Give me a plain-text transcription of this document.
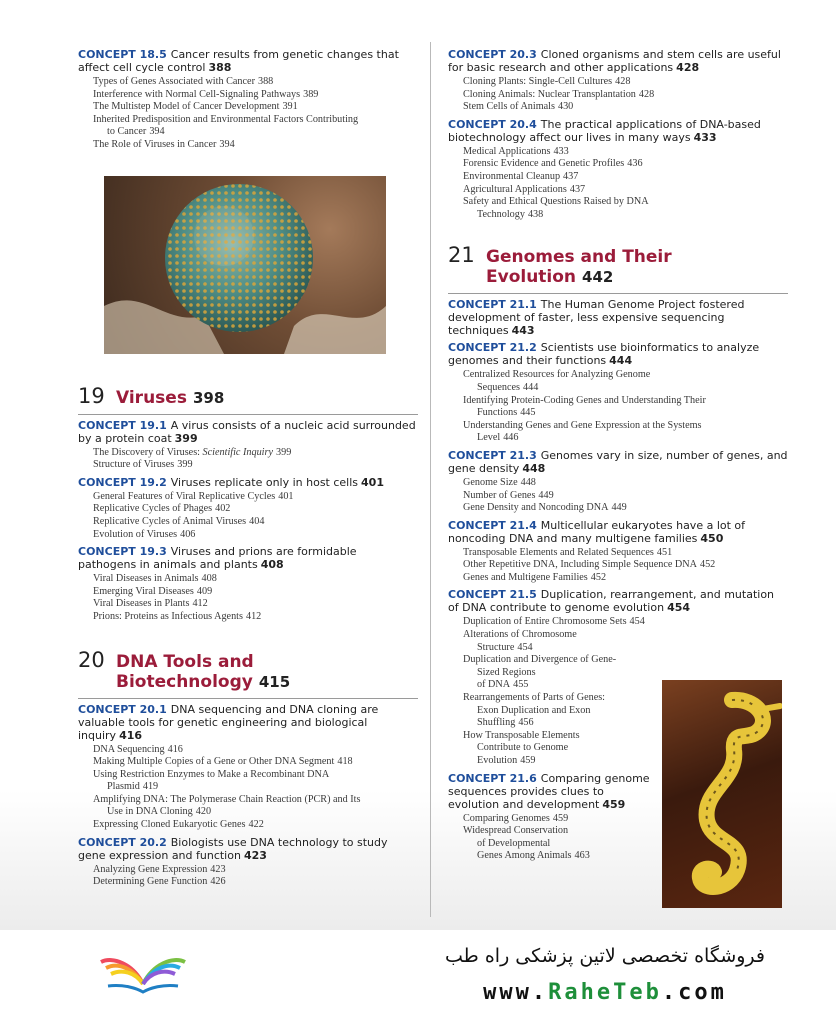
CONCEPT 18.5 Cancer results from genetic changes that affect cell cycle control 388
Types of Genes Associated with Cancer 388
Interference with Normal Cell-Signaling Pathways 389
The Multistep Model of Cancer Development 391
Inherited Predisposition and Environmental Factors Contributing
to Cancer 394
The Role of Viruses in Cancer 394
19 Viruses 398
CONCEPT 19.1 A virus consists of a nucleic acid surrounded by a protein coat 399
The Discovery of Viruses: Scientific Inquiry 399
Structure of Viruses 399
CONCEPT 19.2 Viruses replicate only in host cells 401
General Features of Viral Replicative Cycles 401
Replicative Cycles of Phages 402
Replicative Cycles of Animal Viruses 404
Evolution of Viruses 406
CONCEPT 19.3 Viruses and prions are formidable pathogens in animals and plants 408
Viral Diseases in Animals 408
Emerging Viral Diseases 409
Viral Diseases in Plants 412
Prions: Proteins as Infectious Agents 412
20 DNA Tools and
Biotechnology 415
CONCEPT 20.1 DNA sequencing and DNA cloning are valuable tools for genetic engineering and biological inquiry 416
DNA Sequencing 416
Making Multiple Copies of a Gene or Other DNA Segment 418
Using Restriction Enzymes to Make a Recombinant DNA
Plasmid 419
Amplifying DNA: The Polymerase Chain Reaction (PCR) and Its
Use in DNA Cloning 420
Expressing Cloned Eukaryotic Genes 422
CONCEPT 20.2 Biologists use DNA technology to study gene expression and function 423
Analyzing Gene Expression 423
Determining Gene Function 426
CONCEPT 20.3 Cloned organisms and stem cells are useful for basic research and other applications 428
Cloning Plants: Single-Cell Cultures 428
Cloning Animals: Nuclear Transplantation 428
Stem Cells of Animals 430
CONCEPT 20.4 The practical applications of DNA-based biotechnology affect our lives in many ways 433
Medical Applications 433
Forensic Evidence and Genetic Profiles 436
Environmental Cleanup 437
Agricultural Applications 437
Safety and Ethical Questions Raised by DNA
Technology 438
21 Genomes and Their
Evolution 442
CONCEPT 21.1 The Human Genome Project fostered development of faster, less expensive sequencing techniques 443
CONCEPT 21.2 Scientists use bioinformatics to analyze genomes and their functions 444
Centralized Resources for Analyzing Genome
Sequences 444
Identifying Protein-Coding Genes and Understanding Their
Functions 445
Understanding Genes and Gene Expression at the Systems
Level 446
CONCEPT 21.3 Genomes vary in size, number of genes, and gene density 448
Genome Size 448
Number of Genes 449
Gene Density and Noncoding DNA 449
CONCEPT 21.4 Multicellular eukaryotes have a lot of noncoding DNA and many multigene families 450
Transposable Elements and Related Sequences 451
Other Repetitive DNA, Including Simple Sequence DNA 452
Genes and Multigene Families 452
CONCEPT 21.5 Duplication, rearrangement, and mutation of DNA contribute to genome evolution 454
Duplication of Entire Chromosome Sets 454
Alterations of Chromosome
Structure 454
Duplication and Divergence of Gene-
Sized Regions
of DNA 455
Rearrangements of Parts of Genes:
Exon Duplication and Exon
Shuffling 456
How Transposable Elements
Contribute to Genome
Evolution 459
CONCEPT 21.6 Comparing genome sequences provides clues to evolution and development 459
Comparing Genomes 459
Widespread Conservation
of Developmental
Genes Among Animals 463
فروشگاه تخصصی لاتین پزشکی راه طب
www.RaheTeb.com
